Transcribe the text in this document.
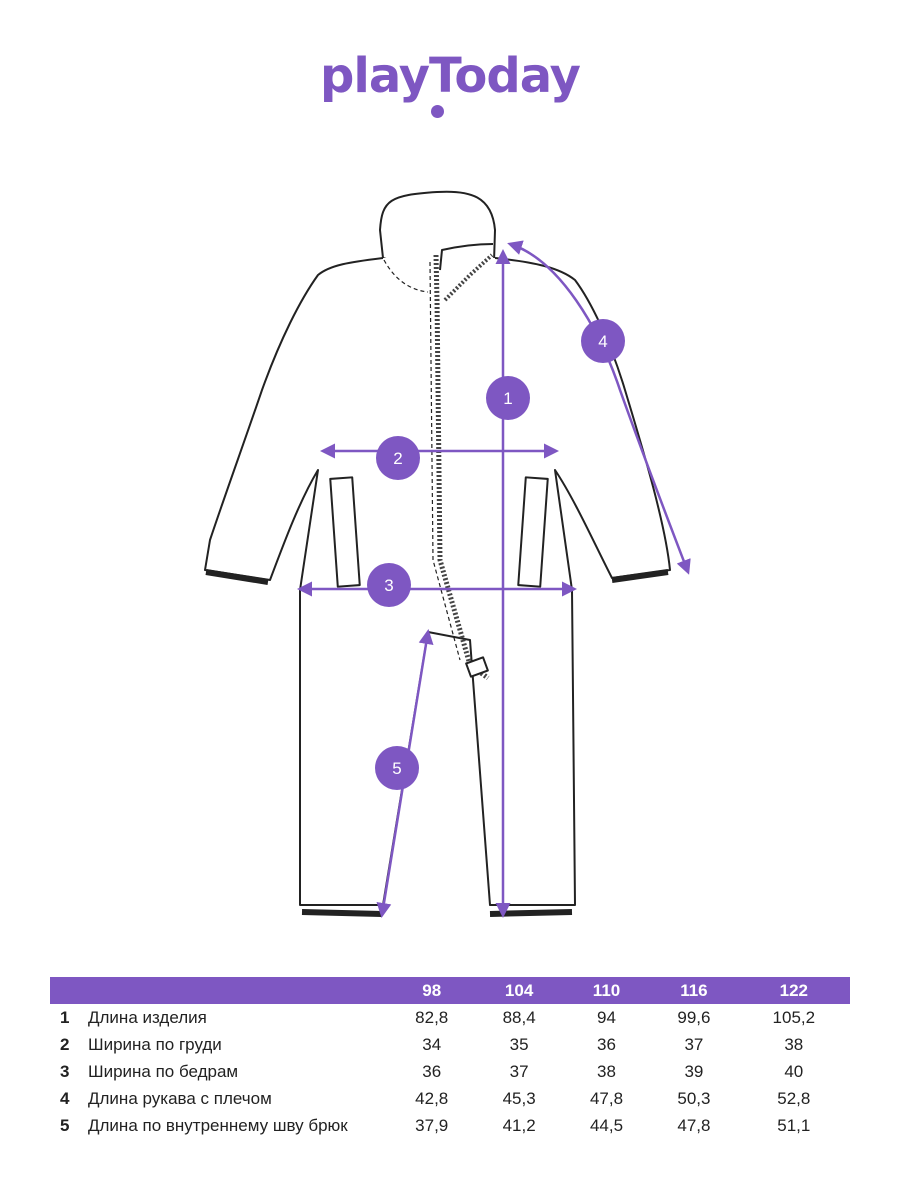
playToday
1
2
3
4
5
		98	104	110	116	122
1	Длина изделия	82,8	88,4	94	99,6	105,2
2	Ширина по груди	34	35	36	37	38
3	Ширина по бедрам	36	37	38	39	40
4	Длина рукава с плечом	42,8	45,3	47,8	50,3	52,8
5	Длина по внутреннему шву брюк	37,9	41,2	44,5	47,8	51,1
